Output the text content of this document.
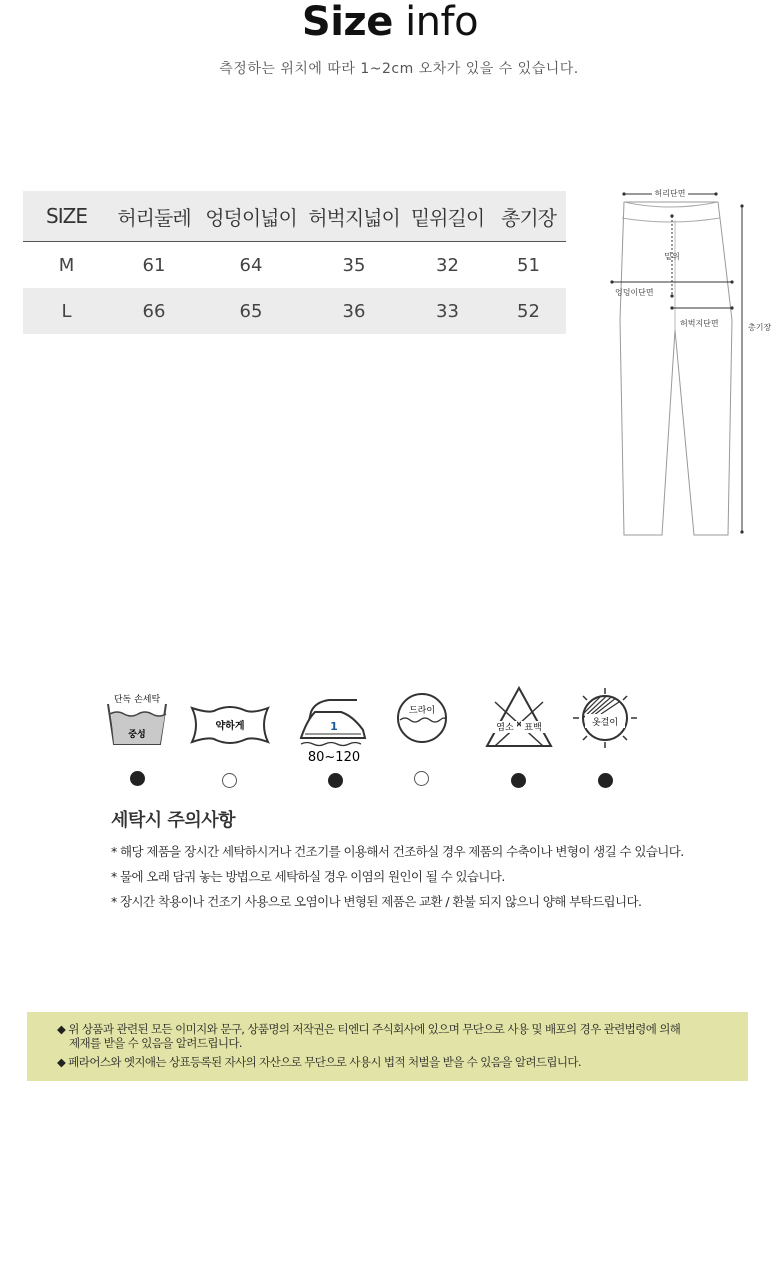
Size info
측정하는 위치에 따라 1~2cm 오차가 있을 수 있습니다.
SIZE	허리둘레	엉덩이넓이	허벅지넓이	밑위길이	총기장
M	61	64	35	32	51
L	66	65	36	33	52
허리단면
밑위
엉덩이단면
허벅지단면	총기장
단독 손세탁
중성
약하게	1
80~120
드라이
염소 표백	옷걸이
세탁시 주의사항
* 해당 제품을 장시간 세탁하시거나 건조기를 이용해서 건조하실 경우 제품의 수축이나 변형이 생길 수 있습니다.
* 물에 오래 담궈 놓는 방법으로 세탁하실 경우 이염의 원인이 될 수 있습니다.
* 장시간 착용이나 건조기 사용으로 오염이나 변형된 제품은 교환 / 환불 되지 않으니 양해 부탁드립니다.
◆ 위 상품과 관련된 모든 이미지와 문구, 상품명의 저작권은 티엔디 주식회사에 있으며 무단으로 사용 및 배포의 경우 관련법령에 의해
제재를 받을 수 있음을 알려드립니다.
◆ 페라어스와 엣지애는 상표등록된 자사의 자산으로 무단으로 사용시 법적 처벌을 받을 수 있음을 알려드립니다.
